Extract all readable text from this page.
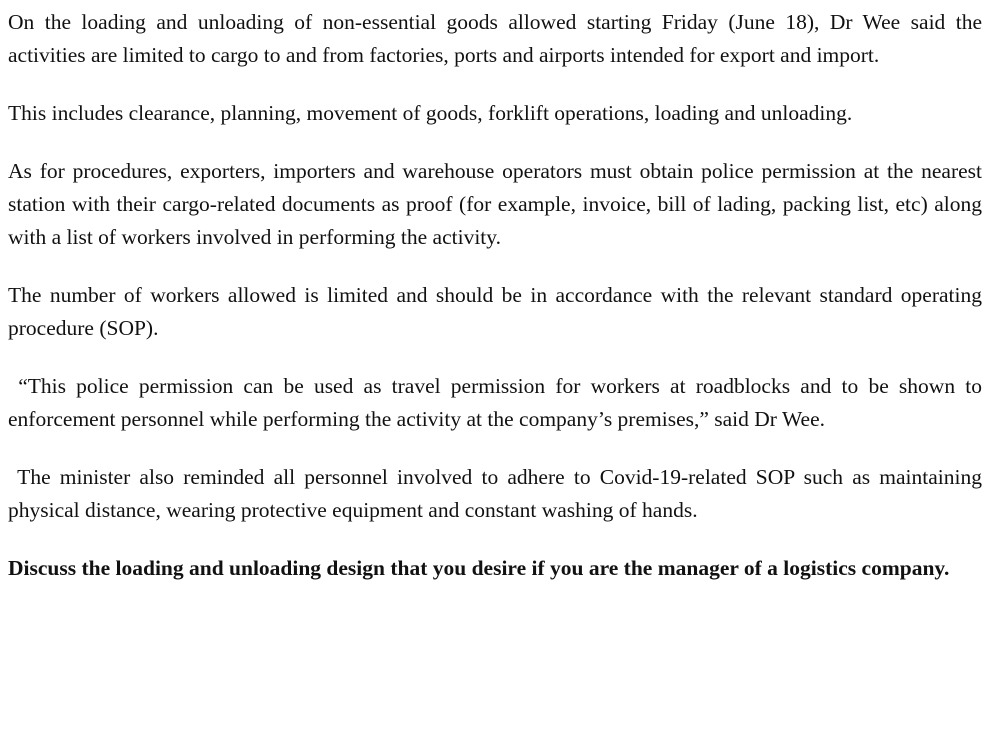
On the loading and unloading of non-essential goods allowed starting Friday (June 18), Dr Wee said the activities are limited to cargo to and from factories, ports and airports intended for export and import.

This includes clearance, planning, movement of goods, forklift operations, loading and unloading.

As for procedures, exporters, importers and warehouse operators must obtain police permission at the nearest station with their cargo-related documents as proof (for example, invoice, bill of lading, packing list, etc) along with a list of workers involved in performing the activity.

The number of workers allowed is limited and should be in accordance with the relevant standard operating procedure (SOP).

“This police permission can be used as travel permission for workers at roadblocks and to be shown to enforcement personnel while performing the activity at the company’s premises,” said Dr Wee.

The minister also reminded all personnel involved to adhere to Covid-19-related SOP such as maintaining physical distance, wearing protective equipment and constant washing of hands.

Discuss the loading and unloading design that you desire if you are the manager of a logistics company.
